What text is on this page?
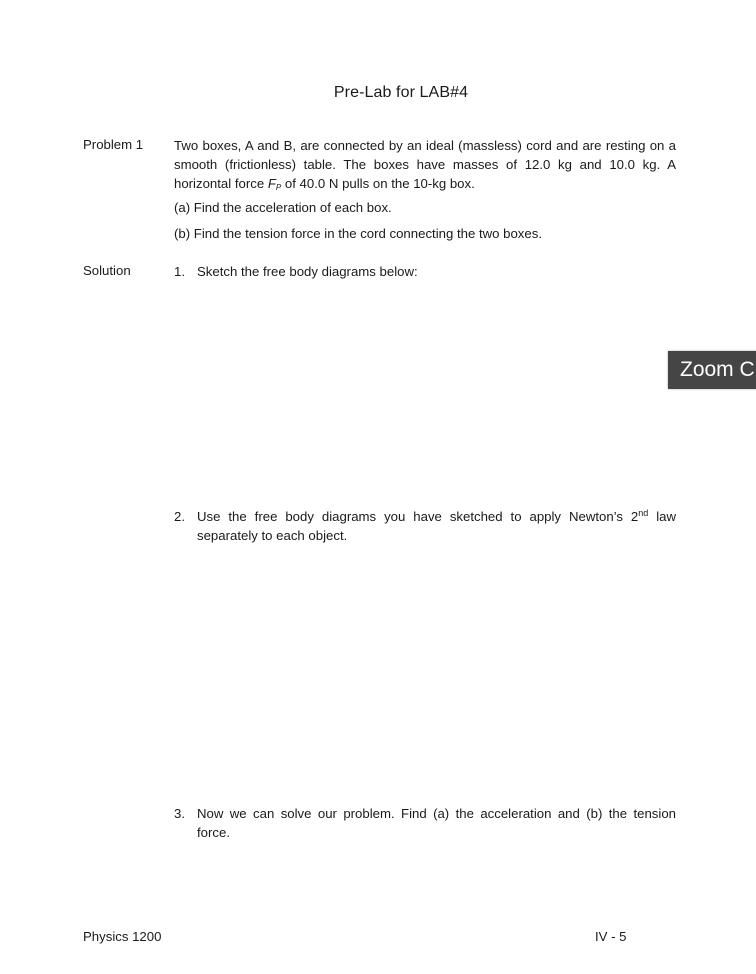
Pre-Lab for LAB#4
Problem 1 Two boxes, A and B, are connected by an ideal (massless) cord and are resting on a smooth (frictionless) table. The boxes have masses of 12.0 kg and 10.0 kg. A horizontal force $F_P$ of 40.0 N pulls on the 10-kg box.
(a) Find the acceleration of each box.
(b) Find the tension force in the cord connecting the two boxes.
Solution	1. Sketch the free body diagrams below:
Zoom C
2. Use the free body diagrams you have sketched to apply Newton’s 2nd law separately to each object.
3. Now we can solve our problem. Find (a) the acceleration and (b) the tension force.
Physics 1200	IV - 5
